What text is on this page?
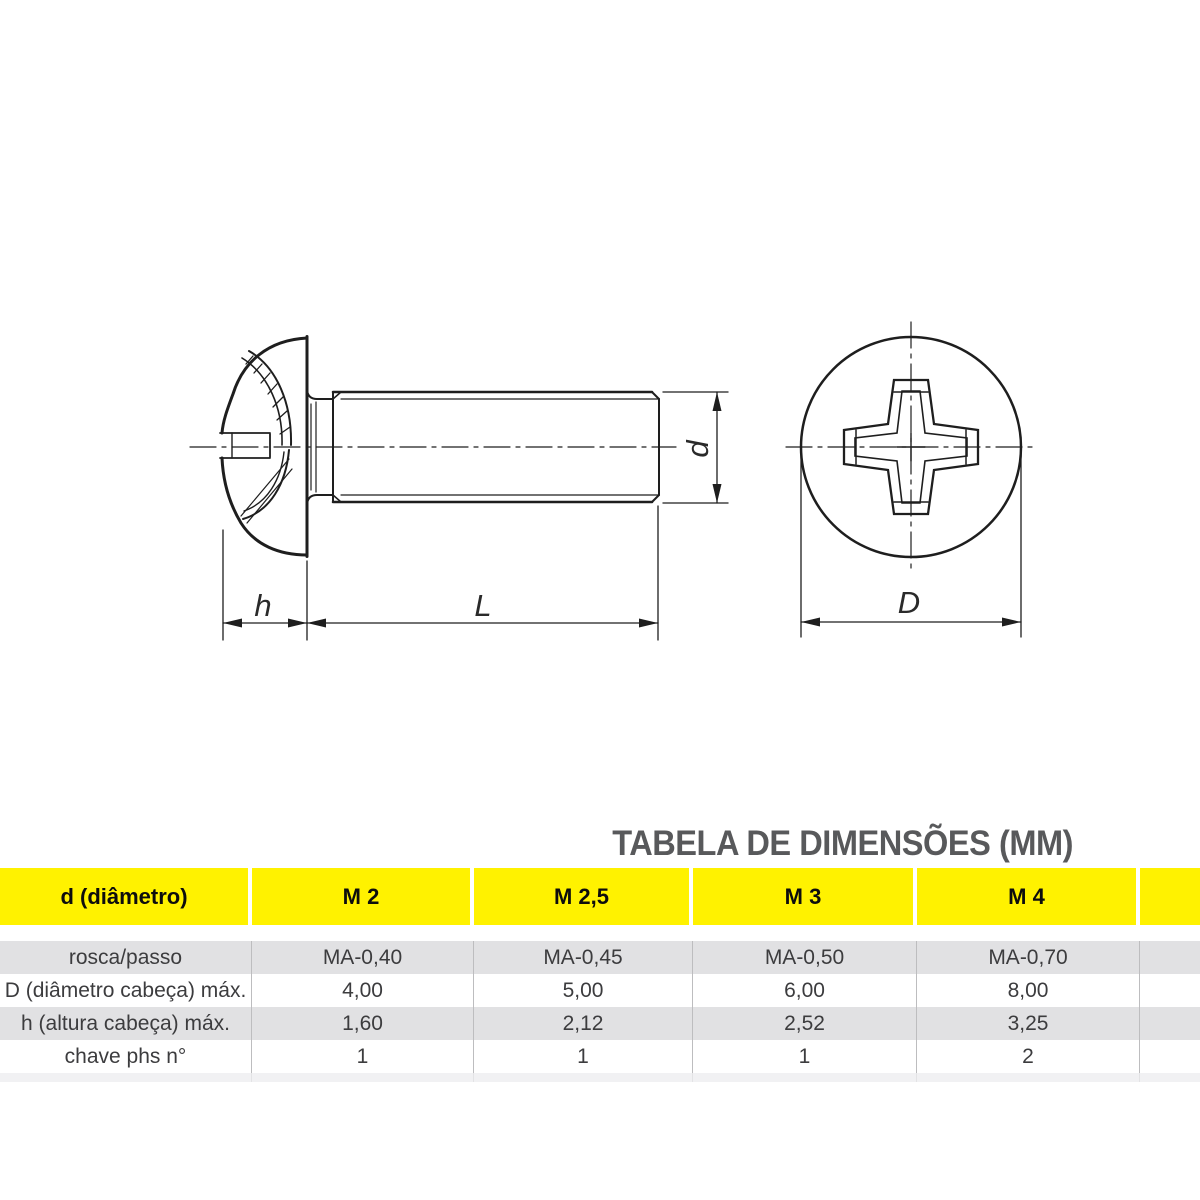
h	L
d
D
TABELA DE DIMENSÕES (MM)
d (diâmetro)	M 2	M 2,5	M 3	M 4
rosca/passo	MA-0,40	MA-0,45	MA-0,50	MA-0,70
D (diâmetro cabeça) máx.	4,00	5,00	6,00	8,00
h (altura cabeça) máx.	1,60	2,12	2,52	3,25
chave phs n°	1	1	1	2
